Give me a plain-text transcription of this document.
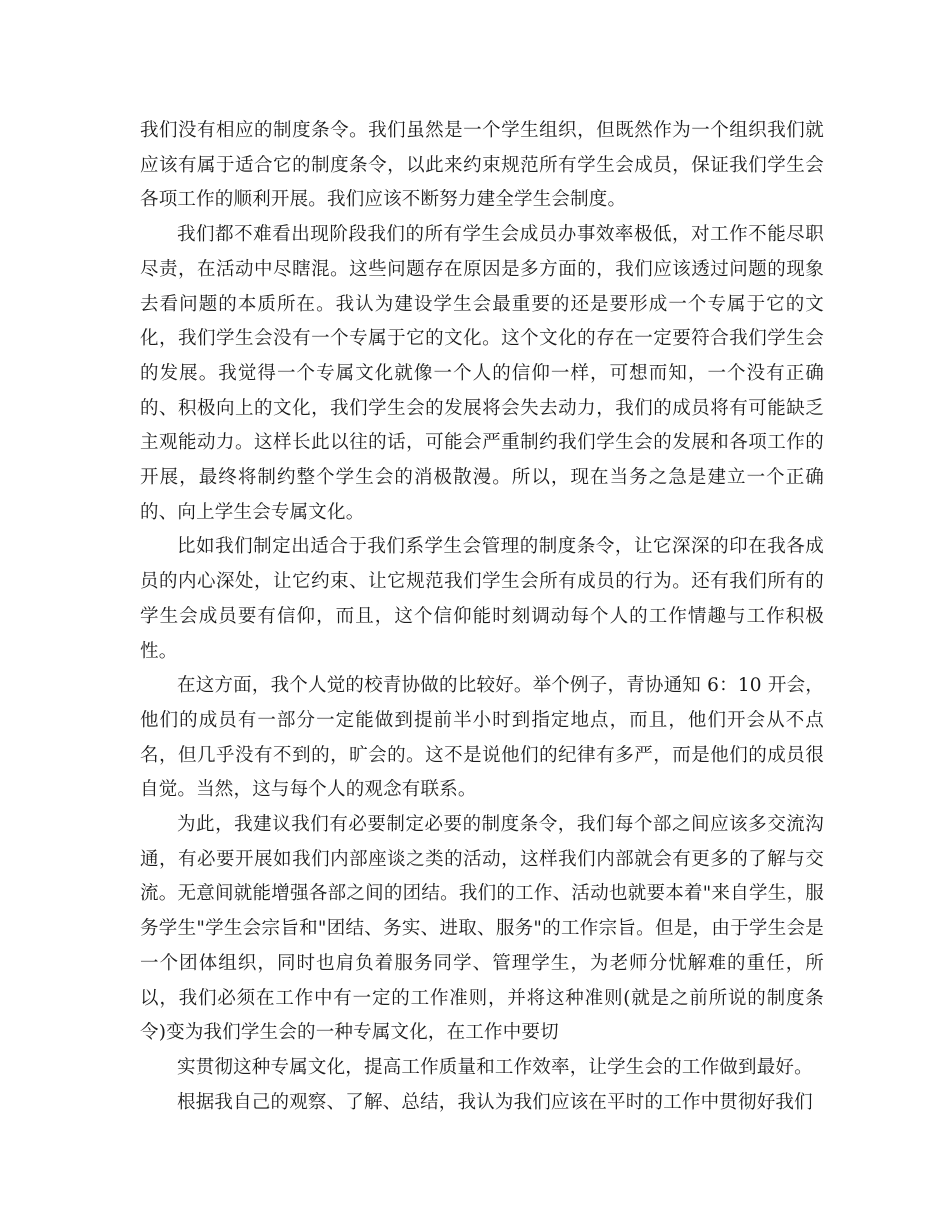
我们没有相应的制度条令。我们虽然是一个学生组织，但既然作为一个组织我们就应该有属于适合它的制度条令，以此来约束规范所有学生会成员，保证我们学生会各项工作的顺利开展。我们应该不断努力建全学生会制度。

我们都不难看出现阶段我们的所有学生会成员办事效率极低，对工作不能尽职尽责，在活动中尽瞎混。这些问题存在原因是多方面的，我们应该透过问题的现象去看问题的本质所在。我认为建设学生会最重要的还是要形成一个专属于它的文化，我们学生会没有一个专属于它的文化。这个文化的存在一定要符合我们学生会的发展。我觉得一个专属文化就像一个人的信仰一样，可想而知，一个没有正确的、积极向上的文化，我们学生会的发展将会失去动力，我们的成员将有可能缺乏主观能动力。这样长此以往的话，可能会严重制约我们学生会的发展和各项工作的开展，最终将制约整个学生会的消极散漫。所以，现在当务之急是建立一个正确的、向上学生会专属文化。

比如我们制定出适合于我们系学生会管理的制度条令，让它深深的印在我各成员的内心深处，让它约束、让它规范我们学生会所有成员的行为。还有我们所有的学生会成员要有信仰，而且，这个信仰能时刻调动每个人的工作情趣与工作积极性。

在这方面，我个人觉的校青协做的比较好。举个例子，青协通知 6：10 开会，他们的成员有一部分一定能做到提前半小时到指定地点，而且，他们开会从不点名，但几乎没有不到的，旷会的。这不是说他们的纪律有多严，而是他们的成员很自觉。当然，这与每个人的观念有联系。

为此，我建议我们有必要制定必要的制度条令，我们每个部之间应该多交流沟通，有必要开展如我们内部座谈之类的活动，这样我们内部就会有更多的了解与交流。无意间就能增强各部之间的团结。我们的工作、活动也就要本着"来自学生，服务学生"学生会宗旨和"团结、务实、进取、服务"的工作宗旨。但是，由于学生会是一个团体组织，同时也肩负着服务同学、管理学生，为老师分忧解难的重任，所以，我们必须在工作中有一定的工作准则，并将这种准则(就是之前所说的制度条令)变为我们学生会的一种专属文化，在工作中要切

实贯彻这种专属文化，提高工作质量和工作效率，让学生会的工作做到最好。

根据我自己的观察、了解、总结，我认为我们应该在平时的工作中贯彻好我们
